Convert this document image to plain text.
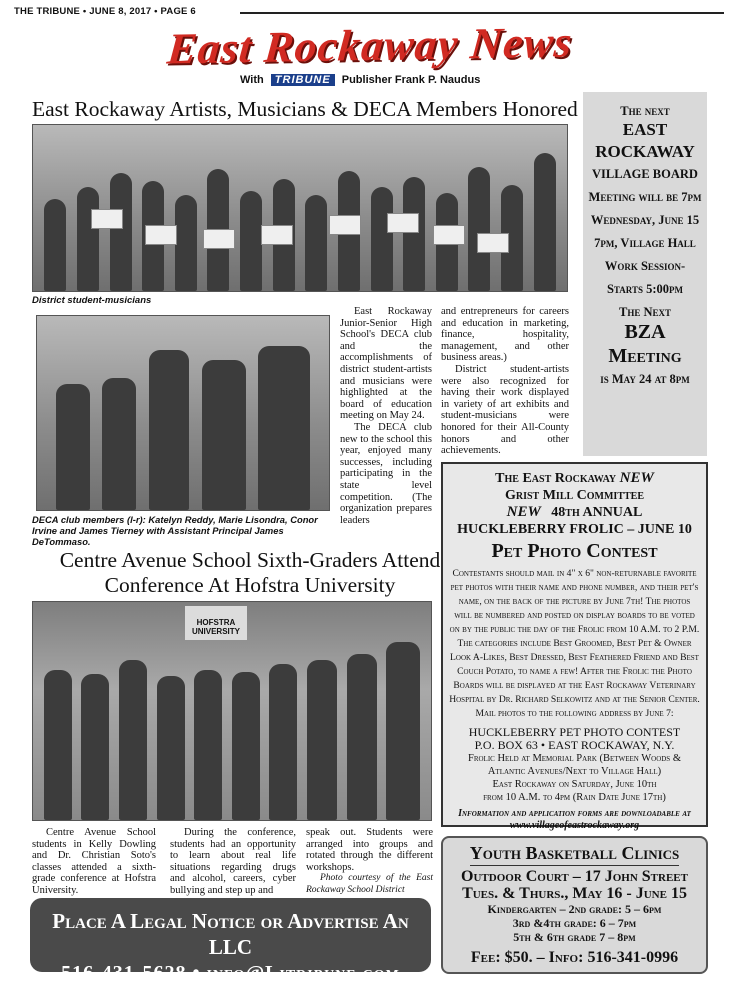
THE TRIBUNE • JUNE 8, 2017 • PAGE 6
East Rockaway News
With TRIBUNE Publisher Frank P. Naudus
East Rockaway Artists, Musicians & DECA Members Honored
District student-musicians
DECA club members (l-r): Katelyn Reddy, Marie Lisondra, Conor Irvine and James Tierney with Assistant Principal James DeTommaso.

East Rockaway Junior-Senior High School's DECA club and the accomplishments of district student-artists and musicians were highlighted at the board of education meeting on May 24.

The DECA club new to the school this year, enjoyed many successes, including participating in the state level competition. (The organization prepares leaders

and entrepreneurs for careers and education in marketing, finance, hospitality, management, and other business areas.)

District student-artists were also recognized for having their work displayed in variety of art exhibits and student-musicians were honored for their All-County honors and other achievements.

Centre Avenue School Sixth-Graders Attend Conference At Hofstra University
HOFSTRA UNIVERSITY

Centre Avenue School students in Kelly Dowling and Dr. Christian Soto's classes attended a sixth-grade conference at Hofstra University.

During the conference, students had an opportunity to learn about real life situations regarding drugs and alcohol, careers, cyber bullying and step up and

speak out. Students were arranged into groups and rotated through the different workshops.

Photo courtesy of the East Rockaway School District

The next
EAST
ROCKAWAY
VILLAGE BOARD
Meeting will be 7pm
Wednesday, June 15
7pm, Village Hall
Work Session-
Starts 5:00pm
The Next
BZA
Meeting
is May 24 at 8pm
The East Rockaway NEW
Grist Mill Committee
NEW 48th ANNUAL
HUCKLEBERRY FROLIC – JUNE 10
Pet Photo Contest
Contestants should mail in 4" x 6" non-returnable favorite pet photos with their name and phone number, and their pet's name, on the back of the picture by June 7th! The photos will be numbered and posted on display boards to be voted on by the public the day of the Frolic from 10 A.M. to 2 P.M. The categories include Best Groomed, Best Pet & Owner Look A-Likes, Best Dressed, Best Feathered Friend and Best Couch Potato, to name a few! After the Frolic the Photo Boards will be displayed at the East Rockaway Veterinary Hospital by Dr. Richard Selkowitz and at the Senior Center. Mail photos to the following address by June 7:
HUCKLEBERRY PET PHOTO CONTEST
P.O. BOX 63 • EAST ROCKAWAY, N.Y.
Frolic Held at Memorial Park (Between Woods & Atlantic Avenues/Next to Village Hall)
East Rockaway on Saturday, June 10th
from 10 A.M. to 4pm (Rain Date June 17th)
Information and application forms are downloadable at
www.villageofeastrockaway.org
Youth Basketball Clinics
Outdoor Court – 17 John Street
Tues. & Thurs., May 16 - June 15
Kindergarten – 2nd grade: 5 – 6pm
3rd &4th grade: 6 – 7pm
5th & 6th grade 7 – 8pm
Fee: $50. – Info: 516-341-0996
Place A Legal Notice or Advertise An LLC
516-431-5628 • info@Litribune.com
